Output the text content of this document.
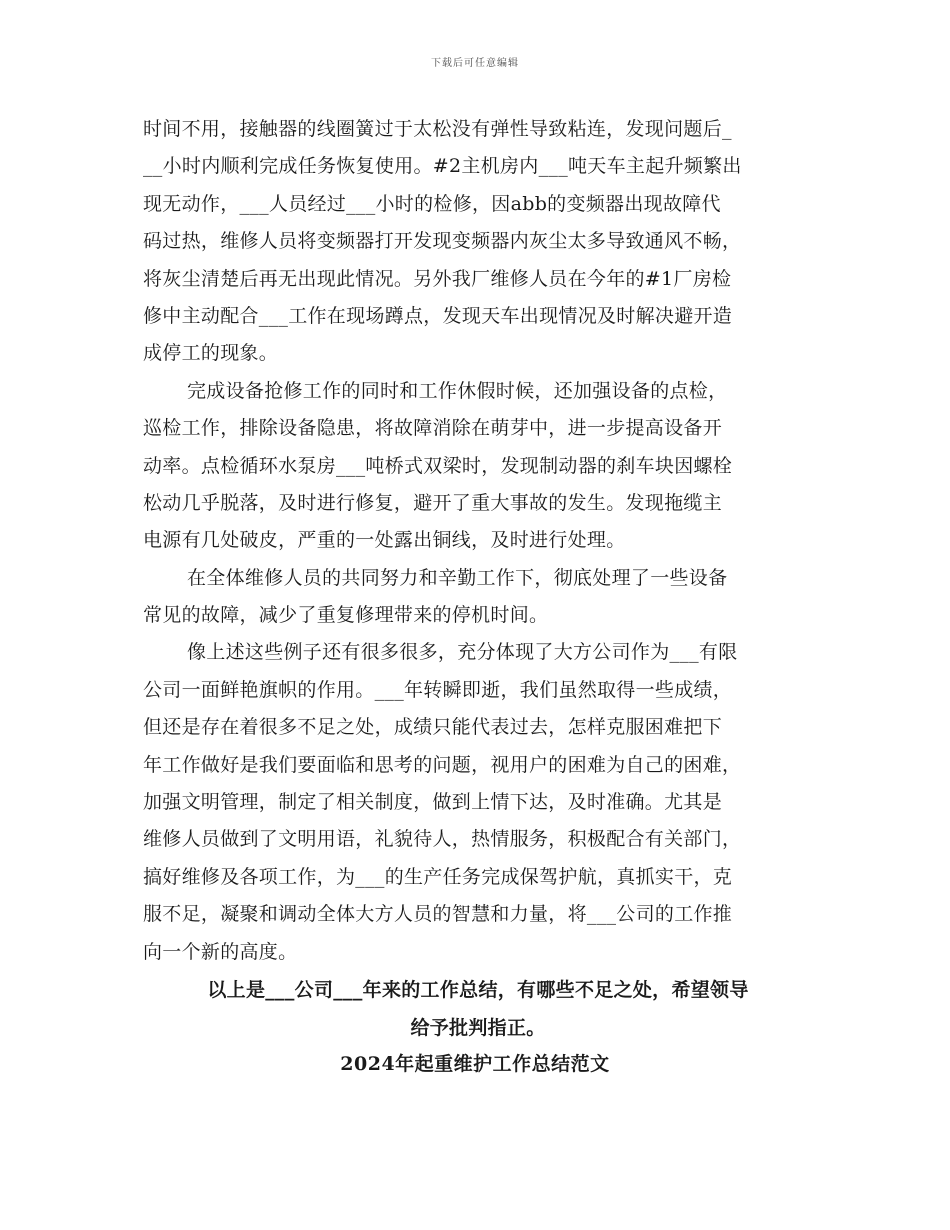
下载后可任意编辑
时间不用，接触器的线圈簧过于太松没有弹性导致粘连，发现问题后_
__小时内顺利完成任务恢复使用。#2主机房内___吨天车主起升频繁出
现无动作，___人员经过___小时的检修，因abb的变频器出现故障代
码过热，维修人员将变频器打开发现变频器内灰尘太多导致通风不畅，
将灰尘清楚后再无出现此情况。另外我厂维修人员在今年的#1厂房检
修中主动配合___工作在现场蹲点，发现天车出现情况及时解决避开造
成停工的现象。
完成设备抢修工作的同时和工作休假时候，还加强设备的点检，
巡检工作，排除设备隐患，将故障消除在萌芽中，进一步提高设备开
动率。点检循环水泵房___吨桥式双梁时，发现制动器的刹车块因螺栓
松动几乎脱落，及时进行修复，避开了重大事故的发生。发现拖缆主
电源有几处破皮，严重的一处露出铜线，及时进行处理。
在全体维修人员的共同努力和辛勤工作下，彻底处理了一些设备
常见的故障，减少了重复修理带来的停机时间。
像上述这些例子还有很多很多，充分体现了大方公司作为___有限
公司一面鲜艳旗帜的作用。___年转瞬即逝，我们虽然取得一些成绩，
但还是存在着很多不足之处，成绩只能代表过去，怎样克服困难把下
年工作做好是我们要面临和思考的问题，视用户的困难为自己的困难，
加强文明管理，制定了相关制度，做到上情下达，及时准确。尤其是
维修人员做到了文明用语，礼貌待人，热情服务，积极配合有关部门，
搞好维修及各项工作，为___的生产任务完成保驾护航，真抓实干，克
服不足，凝聚和调动全体大方人员的智慧和力量，将___公司的工作推
向一个新的高度。
以上是___公司___年来的工作总结，有哪些不足之处，希望领导
给予批判指正。
2024年起重维护工作总结范文
